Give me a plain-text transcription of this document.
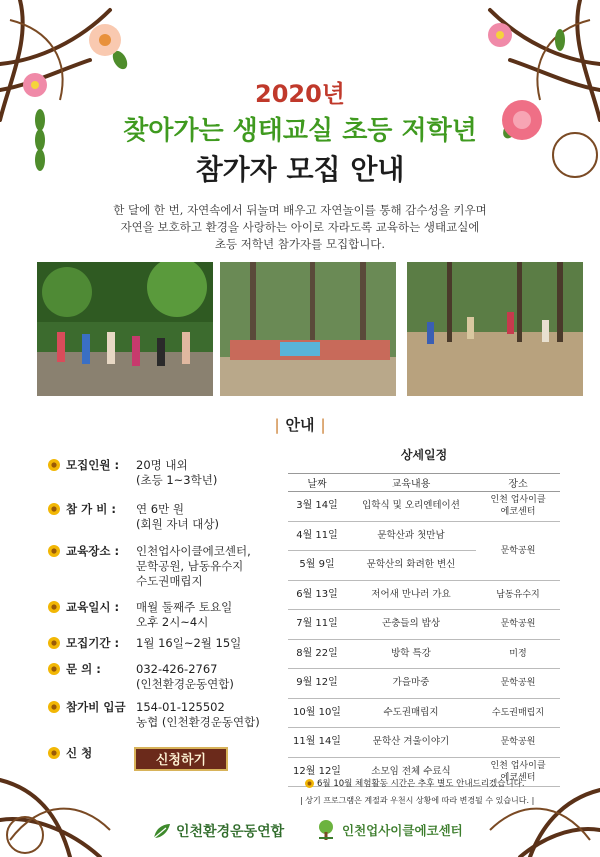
2020년
찾아가는 생태교실 초등 저학년
참가자 모집 안내
한 달에 한 번, 자연속에서 뒤놀며 배우고 자연놀이를 통해 감수성을 키우며
자연을 보호하고 환경을 사랑하는 아이로 자라도록 교육하는 생태교실에
초등 저학년 참가자를 모집합니다.
| 안내 |
모집인원 : 20명 내외
(초등 1~3학년)
참 가 비 : 연 6만 원
(회원 자녀 대상)
교육장소 : 인천업사이클에코센터,
문학공원, 남동유수지
수도권매립지
교육일시 : 매월 둘째주 토요일
오후 2시~4시
모집기간 : 1월 16일~2월 15일
문 의 :	032-426-2767
(인천환경운동연합)
참가비 입금 154-01-125502
농협 (인천환경운동연합)
신 청	신청하기
상세일정
날짜	교육내용	장소
3월 14일	입학식 및 오리엔테이션	인천 업사이클
에코센터
4월 11일	문학산과 첫만남	문학공원
5월 9일	문학산의 화려한 변신	
6월 13일	저어새 만나러 가요	남동유수지
7월 11일	곤충들의 밥상	문학공원
8월 22일	방학 특강	미정
9월 12일	가을마중	문학공원
10월 10일	수도권매립지	수도권매립지
11월 14일	문학산 겨울이야기	문학공원
12월 12일	소모임 전체 수료식	인천 업사이클
에코센터
6월 10월 체험활동 시간은 추후 별도 안내드리겠습니다.
| 상기 프로그램은 계절과 우천시 상황에 따라 변경될 수 있습니다. |
인천환경운동연합	인천업사이클에코센터
